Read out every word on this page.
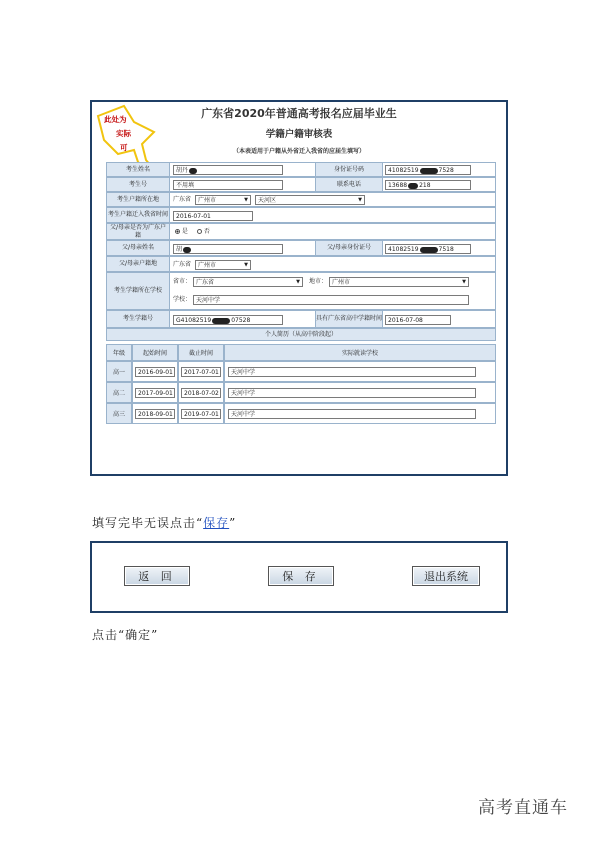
广东省2020年普通高考报名应届毕业生
学籍户籍审核表
（本表适用于户籍从外省迁入我省的应届生填写）
此处为
实际
可
考生姓名	胡丹	身份证号码	41082519	7528
考生号	不用填	联系电话	13688 218
考生户籍所在地	广东省	广州市	▼	天河区	▼
考生户籍迁入我省时间	2016-07-01
父/母亲是否为广东户籍	是	否
父/母亲姓名	胡	父/母亲身份证号	41082519	7518
父/母亲户籍地	广东省	广州市	▼
考生学籍所在学校
省市： 广东省	▼ 地市： 广州市	▼
学校： 天河中学
考生学籍号	G41082519	07528	具有广东省高中学籍时间 2016-07-08
个人简历（从高中阶段起）
年级	起始时间	截止时间	实际就读学校
高一	2016-09-01	2017-07-01	天河中学
高二	2017-09-01	2018-07-02	天河中学
高三	2018-09-01	2019-07-01	天河中学
填写完毕无误点击“保存”
返 回	保 存	退出系统
点击“确定”
高考直通车
